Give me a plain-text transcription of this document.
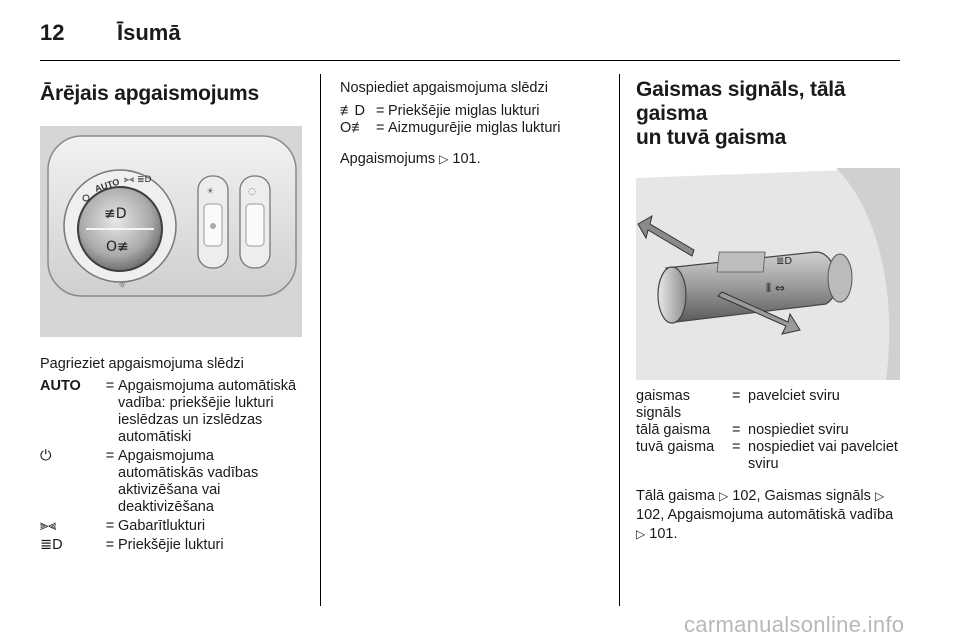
12 Īsumā
Ārējais apgaismojums
≢D
O≢
AUTO ⫸⫷ ≣D
☼
☀	◌
Pagrieziet apgaismojuma slēdzi
AUTO	= Apgaismojuma automātiskā vadība: priekšējie lukturi ieslēdzas un izslēdzas automātiski
⏻	= Apgaismojuma automātiskās vadības aktivizēšana vai deaktivizēšana
⫸⫷	= Gabarītlukturi
≣D	= Priekšējie lukturi
Nospiediet apgaismojuma slēdzi
≢D = Priekšējie miglas lukturi
O≢ = Aizmugurējie miglas lukturi
Apgaismojums ▷ 101.
Gaismas signāls, tālā gaisma
un tuvā gaisma
≣D
⫴ ⇔
gaismas signāls
= pavelciet sviru
tālā gaisma	= nospiediet sviru
tuvā gaisma	= nospiediet vai pavelciet sviru
Tālā gaisma ▷ 102, Gaismas signāls ▷ 102, Apgaismojuma automātiskā vadība ▷ 101.
carmanualsonline.info
